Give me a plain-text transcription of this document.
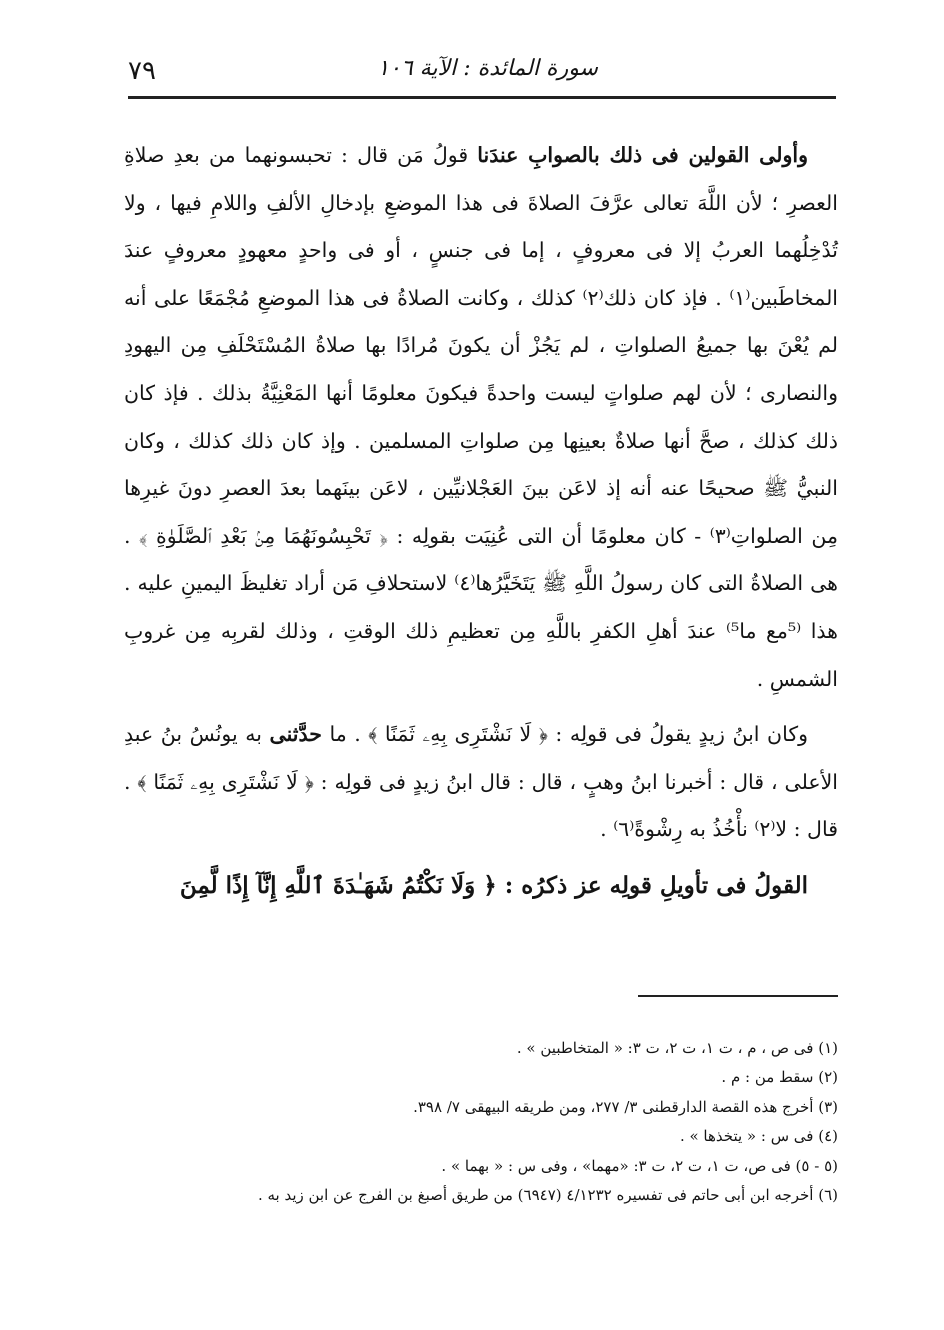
٧٩	سورة المائدة : الآية ١٠٦

وأولى القولين فى ذلك بالصوابِ عندَنا قولُ مَن قال : تحبسونهما من بعدِ صلاةِ العصرِ ؛ لأن اللَّهَ تعالى عرَّفَ الصلاةَ فى هذا الموضعِ بإدخالِ الألفِ واللامِ فيها ، ولا تُدْخِلُهما العربُ إلا فى معروفٍ ، إما فى جنسٍ ، أو فى واحدٍ معهودٍ معروفٍ عندَ المخاطَبين⁽١⁾ . فإذ كان ذلك⁽٢⁾ كذلك ، وكانت الصلاةُ فى هذا الموضعِ مُجْمَعًا على أنه لم يُعْنَ بها جميعُ الصلواتِ ، لم يَجُزْ أن يكونَ مُرادًا بها صلاةُ المُسْتَحْلَفِ مِن اليهودِ والنصارى ؛ لأن لهم صلواتٍ ليست واحدةً فيكونَ معلومًا أنها المَعْنِيَّةُ بذلك . فإذ كان ذلك كذلك ، صحَّ أنها صلاةٌ بعينِها مِن صلواتِ المسلمين . وإذ كان ذلك كذلك ، وكان النبيُّ ﷺ صحيحًا عنه أنه إذ لاعَن بينَ العَجْلانيِّين ، لاعَن بينَهما بعدَ العصرِ دونَ غيرِها مِن الصلواتِ⁽٣⁾ - كان معلومًا أن التى عُنِيَت بقولِه : ﴿ تَحْبِسُونَهُمَا مِنۢ بَعْدِ ٱلصَّلَوٰةِ ﴾ . هى الصلاةُ التى كان رسولُ اللَّهِ ﷺ يَتَخَيَّرُها⁽٤⁾ لاستحلافِ مَن أراد تغليظَ اليمينِ عليه . هذا ⁽⁵مع ما⁵⁾ عندَ أهلِ الكفرِ باللَّهِ مِن تعظيمِ ذلك الوقتِ ، وذلك لقربِه مِن غروبِ الشمسِ .

وكان ابنُ زيدٍ يقولُ فى قولِه : ﴿ لَا نَشْتَرِى بِهِۦ ثَمَنًا ﴾ . ما حدَّثنى به يونُسُ بنُ عبدِ الأعلى ، قال : أخبرنا ابنُ وهبٍ ، قال : قال ابنُ زيدٍ فى قولِه : ﴿ لَا نَشْتَرِى بِهِۦ ثَمَنًا ﴾ . قال : لا⁽٢⁾ نأْخُذُ به رِشْوةً⁽٦⁾ .

القولُ فى تأويلِ قولِه عز ذكرُه : ﴿ وَلَا نَكْتُمُ شَهَـٰدَةَ ٱللَّهِ إِنَّآ إِذًا لَّمِنَ

(١) فى ص ، م ، ت ١، ت ٢، ت ٣: « المتخاطبين » .

(٢) سقط من : م .

(٣) أخرج هذه القصة الدارقطنى ٣/ ٢٧٧، ومن طريقه البيهقى ٧/ ٣٩٨.

(٤) فى س : « يتخذها » .

(٥ - ٥) فى ص، ت ١، ت ٢، ت ٣: «مهما» ، وفى س : « بهما » .

(٦) أخرجه ابن أبى حاتم فى تفسيره ٤/١٢٣٢ (٦٩٤٧) من طريق أصبغ بن الفرج عن ابن زيد به .
